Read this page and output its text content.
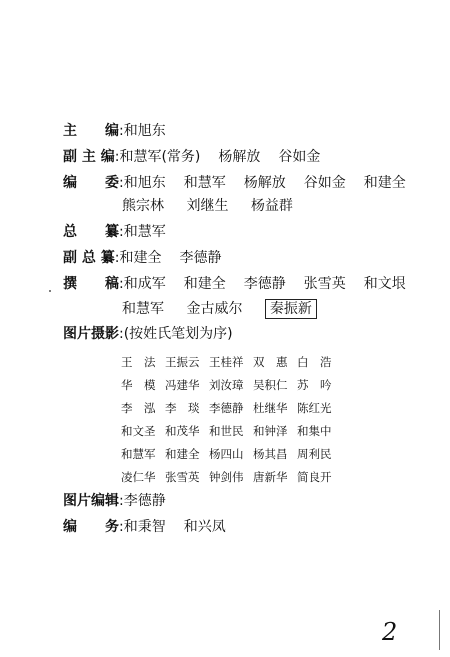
主　　编 : 和旭东
副 主 编 : 和慧军(常务) 杨解放 谷如金
编　　委 : 和旭东 和慧军 杨解放 谷如金 和建全
熊宗林 刘继生 杨益群
总　　纂 : 和慧军
副 总 纂 : 和建全 李德静
撰　　稿 : 和成军 和建全 李德静 张雪英 和文垠
和慧军 金古威尔 秦振新
图片摄影 : (按姓氏笔划为序)
王　法 王振云 王桂祥 双　惠 白　浩
华　模 冯建华 刘汝璋 吴积仁 苏　吟
李　泓 李　琰 李德静 杜继华 陈红光
和文圣 和茂华 和世民 和钟泽 和集中
和慧军 和建全 杨四山 杨其昌 周利民
凌仁华 张雪英 钟剑伟 唐新华 简良开
图片编辑 : 李德静
编　　务 : 和秉智 和兴凤
2
